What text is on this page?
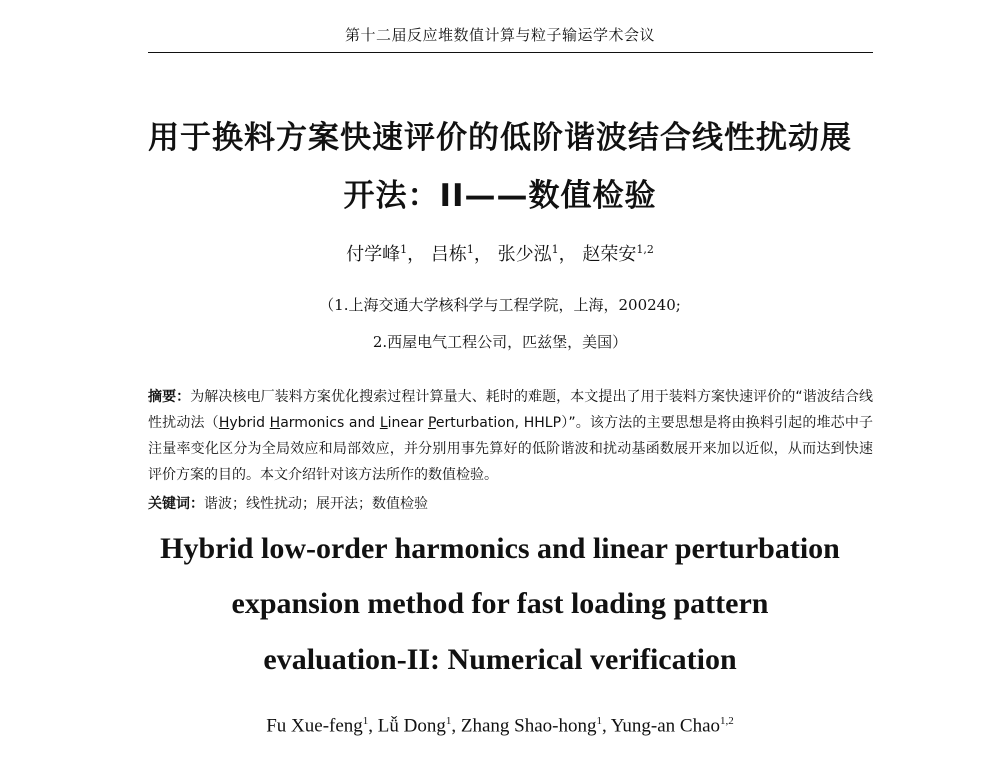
第十二届反应堆数值计算与粒子输运学术会议
用于换料方案快速评价的低阶谐波结合线性扰动展
开法：II——数值检验
付学峰$^1$， 吕栋$^1$， 张少泓$^1$， 赵荣安$^{1,2}$
（1.上海交通大学核科学与工程学院，上海，200240;
2.西屋电气工程公司，匹兹堡，美国）
摘要：为解决核电厂装料方案优化搜索过程计算量大、耗时的难题，本文提出了用于装料方案快速评价的“谐波结合线性扰动法（Hybrid Harmonics and Linear Perturbation, HHLP）”。该方法的主要思想是将由换料引起的堆芯中子注量率变化区分为全局效应和局部效应，并分别用事先算好的低阶谐波和扰动基函数展开来加以近似，从而达到快速评价方案的目的。本文介绍针对该方法所作的数值检验。
关键词：谐波；线性扰动；展开法；数值检验
Hybrid low-order harmonics and linear perturbation
expansion method for fast loading pattern
evaluation-II: Numerical verification
Fu Xue-feng$^1$, Lǚ Dong$^1$, Zhang Shao-hong$^1$, Yung-an Chao$^{1,2}$
